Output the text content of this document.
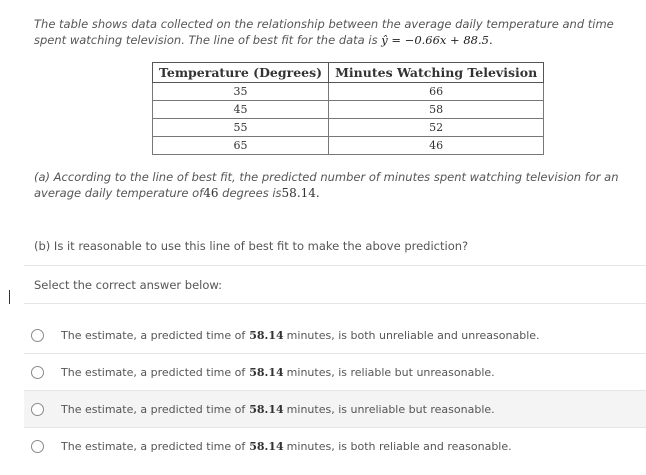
The table shows data collected on the relationship between the average daily temperature and time spent watching television. The line of best fit for the data is ŷ = −0.66x + 88.5.
Temperature (Degrees)	Minutes Watching Television
35	66
45	58
55	52
65	46
(a) According to the line of best fit, the predicted number of minutes spent watching television for an average daily temperature of46 degrees is58.14.
(b) Is it reasonable to use this line of best fit to make the above prediction?
Select the correct answer below:
The estimate, a predicted time of 58.14 minutes, is both unreliable and unreasonable.
The estimate, a predicted time of 58.14 minutes, is reliable but unreasonable.
The estimate, a predicted time of 58.14 minutes, is unreliable but reasonable.
The estimate, a predicted time of 58.14 minutes, is both reliable and reasonable.
